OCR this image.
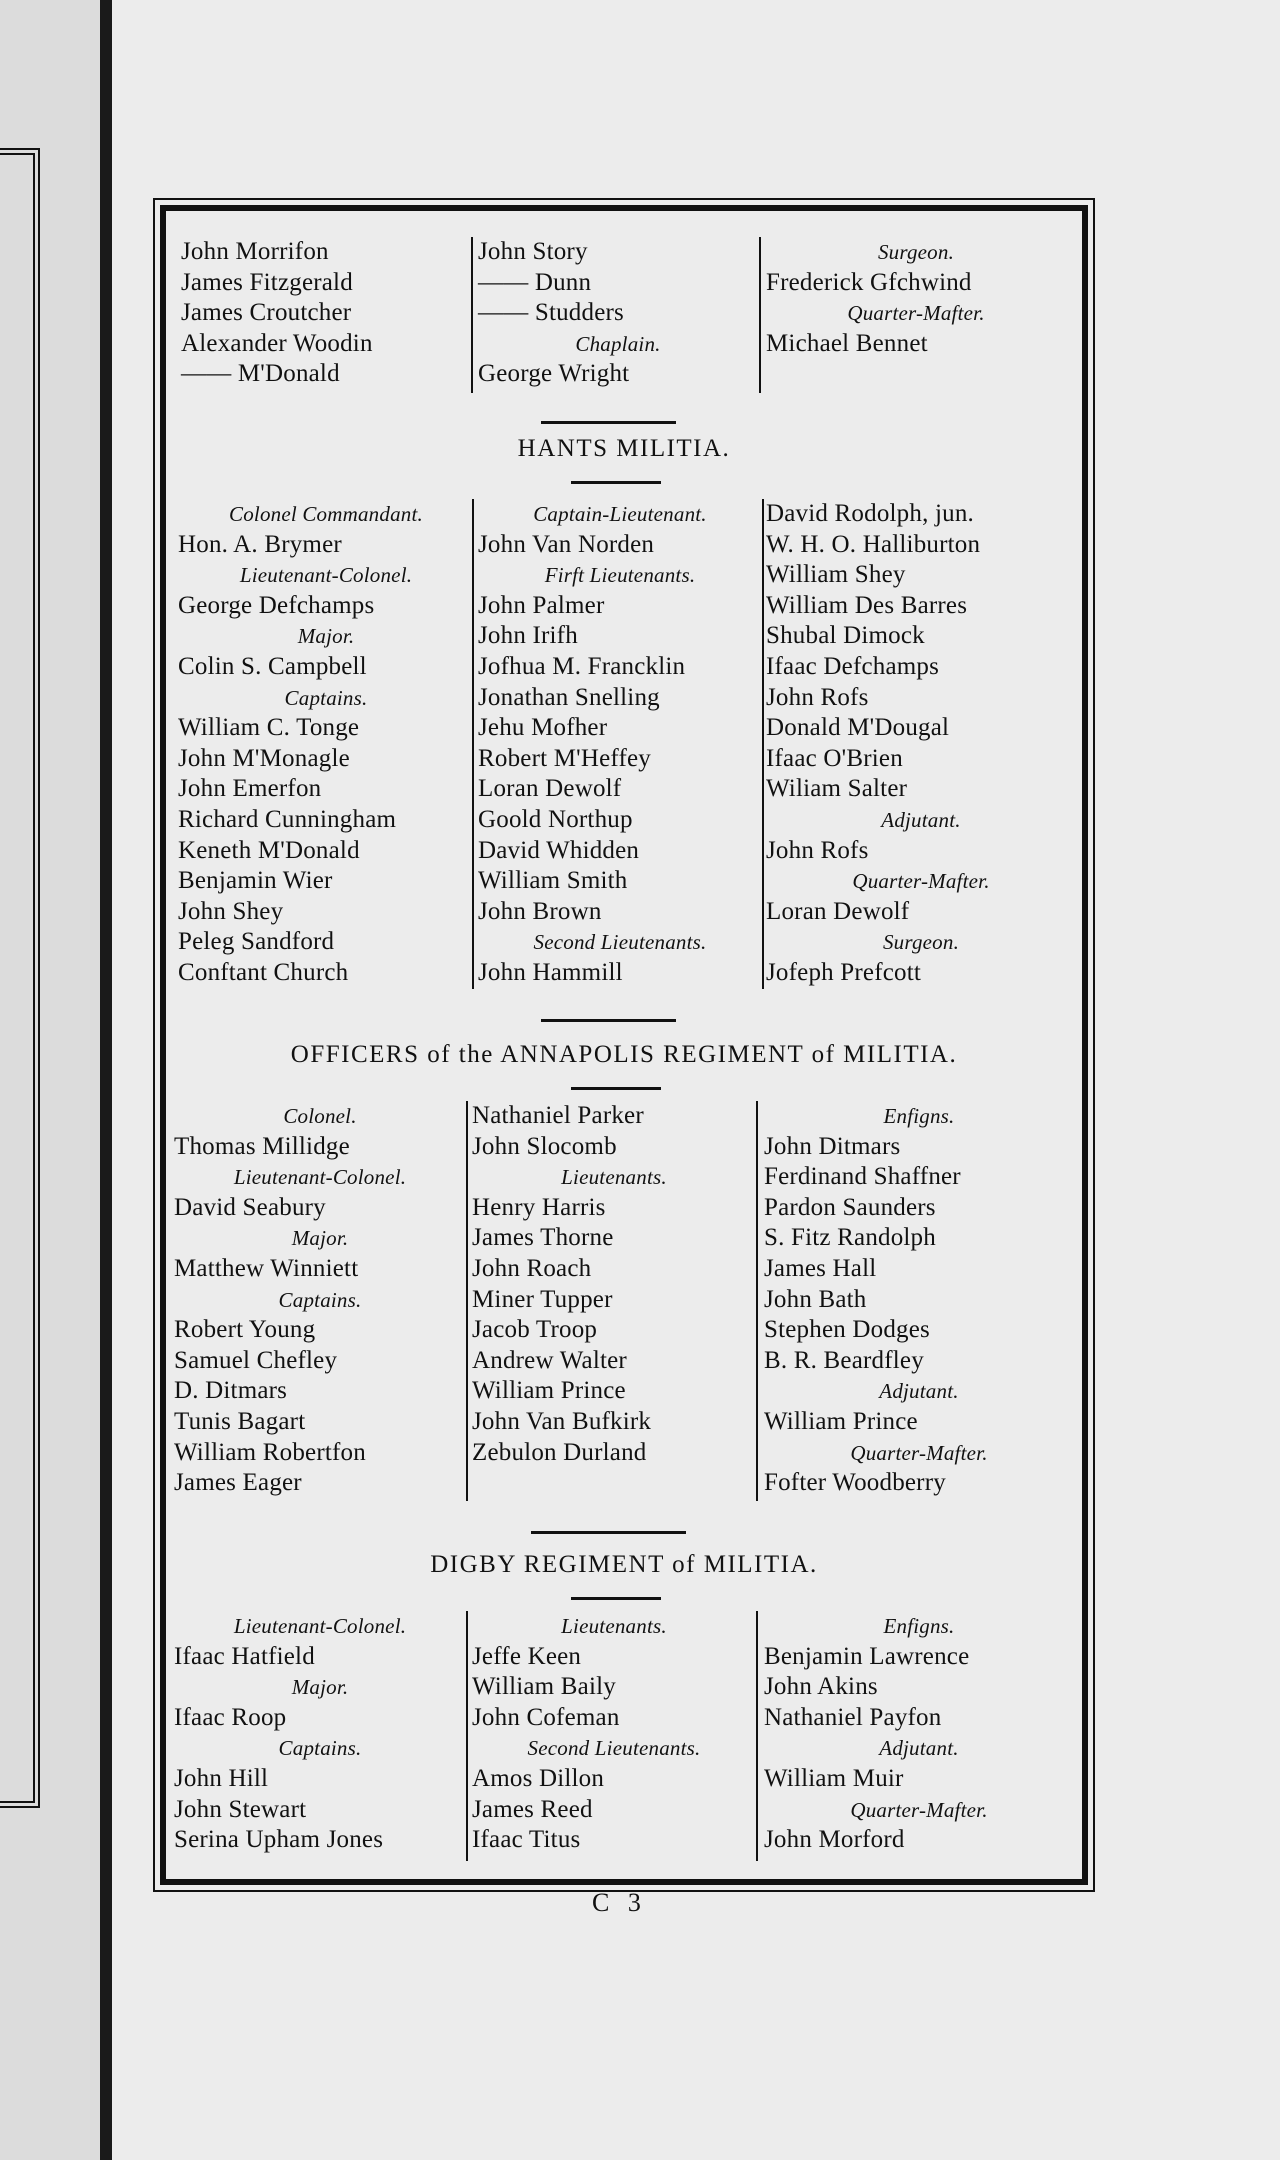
John Morrifon
James Fitzgerald
James Croutcher
Alexander Woodin
—— M'Donald
John Story
—— Dunn
—— Studders
Chaplain.
George Wright
Surgeon.
Frederick Gfchwind
Quarter-Mafter.
Michael Bennet
HANTS MILITIA.
Colonel Commandant.
Hon. A. Brymer
Lieutenant-Colonel.
George Defchamps
Major.
Colin S. Campbell
Captains.
William C. Tonge
John M'Monagle
John Emerfon
Richard Cunningham
Keneth M'Donald
Benjamin Wier
John Shey
Peleg Sandford
Conftant Church
Captain-Lieutenant.
John Van Norden
Firft Lieutenants.
John Palmer
John Irifh
Jofhua M. Francklin
Jonathan Snelling
Jehu Mofher
Robert M'Heffey
Loran Dewolf
Goold Northup
David Whidden
William Smith
John Brown
Second Lieutenants.
John Hammill
David Rodolph, jun.
W. H. O. Halliburton
William Shey
William Des Barres
Shubal Dimock
Ifaac Defchamps
John Rofs
Donald M'Dougal
Ifaac O'Brien
Wiliam Salter
Adjutant.
John Rofs
Quarter-Mafter.
Loran Dewolf
Surgeon.
Jofeph Prefcott
OFFICERS of the ANNAPOLIS REGIMENT of MILITIA.
Colonel.
Thomas Millidge
Lieutenant-Colonel.
David Seabury
Major.
Matthew Winniett
Captains.
Robert Young
Samuel Chefley
D. Ditmars
Tunis Bagart
William Robertfon
James Eager
Nathaniel Parker
John Slocomb
Lieutenants.
Henry Harris
James Thorne
John Roach
Miner Tupper
Jacob Troop
Andrew Walter
William Prince
John Van Bufkirk
Zebulon Durland
Enfigns.
John Ditmars
Ferdinand Shaffner
Pardon Saunders
S. Fitz Randolph
James Hall
John Bath
Stephen Dodges
B. R. Beardfley
Adjutant.
William Prince
Quarter-Mafter.
Fofter Woodberry
DIGBY REGIMENT of MILITIA.
Lieutenant-Colonel.
Ifaac Hatfield
Major.
Ifaac Roop
Captains.
John Hill
John Stewart
Serina Upham Jones
Lieutenants.
Jeffe Keen
William Baily
John Cofeman
Second Lieutenants.
Amos Dillon
James Reed
Ifaac Titus
Enfigns.
Benjamin Lawrence
John Akins
Nathaniel Payfon
Adjutant.
William Muir
Quarter-Mafter.
John Morford
C 3
